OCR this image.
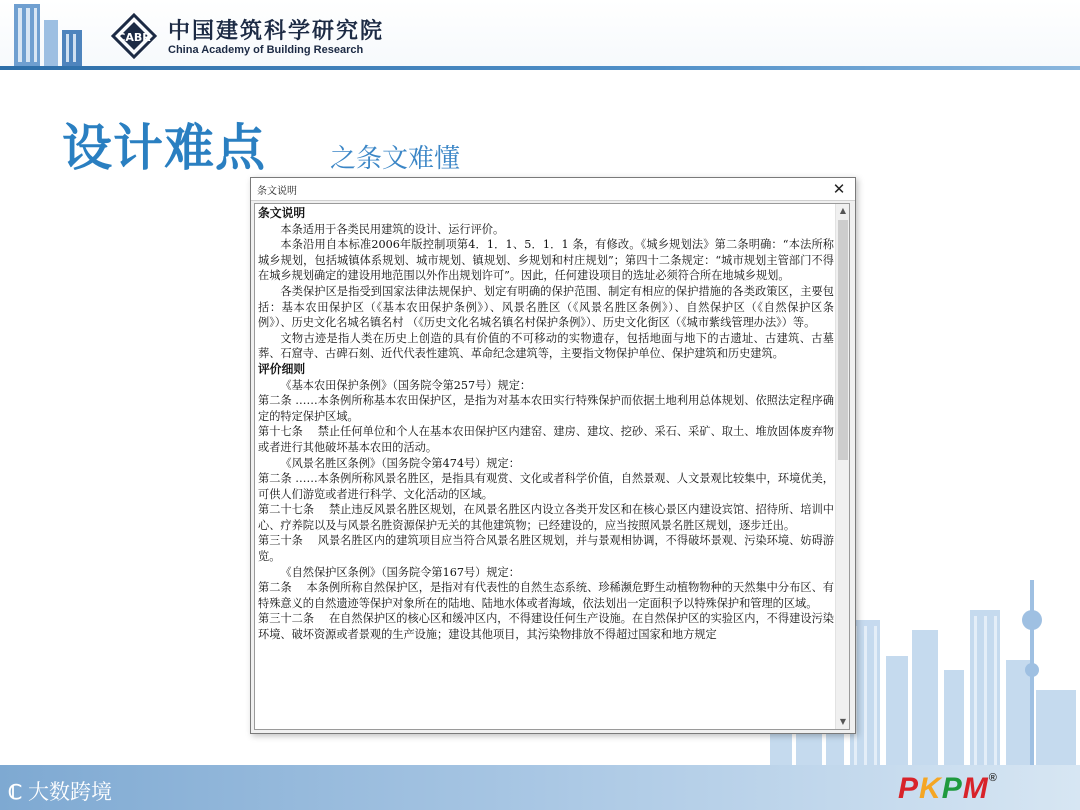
CABR 中国建筑科学研究院
China Academy of Building Research
设计难点 之条文难懂
ℂ 大数跨境	PKPM®
条文说明	✕

条文说明

本条适用于各类民用建筑的设计、运行评价。

本条沿用自本标准2006年版控制项第4．1．1、5．1．1 条，有修改。《城乡规划法》第二条明确：“本法所称城乡规划，包括城镇体系规划、城市规划、镇规划、乡规划和村庄规划”；第四十二条规定：“城市规划主管部门不得在城乡规划确定的建设用地范围以外作出规划许可”。因此，任何建设项目的选址必须符合所在地城乡规划。

各类保护区是指受到国家法律法规保护、划定有明确的保护范围、制定有相应的保护措施的各类政策区，主要包括：基本农田保护区（《基本农田保护条例》）、风景名胜区（《风景名胜区条例》）、自然保护区（《自然保护区条例》）、历史文化名城名镇名村 （《历史文化名城名镇名村保护条例》）、历史文化街区（《城市紫线管理办法》）等。

文物古迹是指人类在历史上创造的具有价值的不可移动的实物遗存，包括地面与地下的古遗址、古建筑、古墓葬、石窟寺、古碑石刻、近代代表性建筑、革命纪念建筑等，主要指文物保护单位、保护建筑和历史建筑。

评价细则

《基本农田保护条例》（国务院令第257号）规定：

第二条 ……本条例所称基本农田保护区，是指为对基本农田实行特殊保护而依据土地利用总体规划、依照法定程序确定的特定保护区域。

第十七条　 禁止任何单位和个人在基本农田保护区内建窑、建房、建坟、挖砂、采石、采矿、取土、堆放固体废弃物或者进行其他破坏基本农田的活动。

《风景名胜区条例》（国务院令第474号）规定：

第二条 ……本条例所称风景名胜区，是指具有观赏、文化或者科学价值，自然景观、人文景观比较集中，环境优美，可供人们游览或者进行科学、文化活动的区域。

第二十七条　 禁止违反风景名胜区规划，在风景名胜区内设立各类开发区和在核心景区内建设宾馆、招待所、培训中心、疗养院以及与风景名胜资源保护无关的其他建筑物；已经建设的，应当按照风景名胜区规划，逐步迁出。

第三十条　 风景名胜区内的建筑项目应当符合风景名胜区规划，并与景观相协调，不得破坏景观、污染环境、妨碍游览。

《自然保护区条例》（国务院令第167号）规定：

第二条　 本条例所称自然保护区，是指对有代表性的自然生态系统、珍稀濒危野生动植物物种的天然集中分布区、有特殊意义的自然遗迹等保护对象所在的陆地、陆地水体或者海域，依法划出一定面积予以特殊保护和管理的区域。

第三十二条　 在自然保护区的核心区和缓冲区内，不得建设任何生产设施。在自然保护区的实验区内，不得建设污染环境、破坏资源或者景观的生产设施；建设其他项目，其污染物排放不得超过国家和地方规定

▲
▼
